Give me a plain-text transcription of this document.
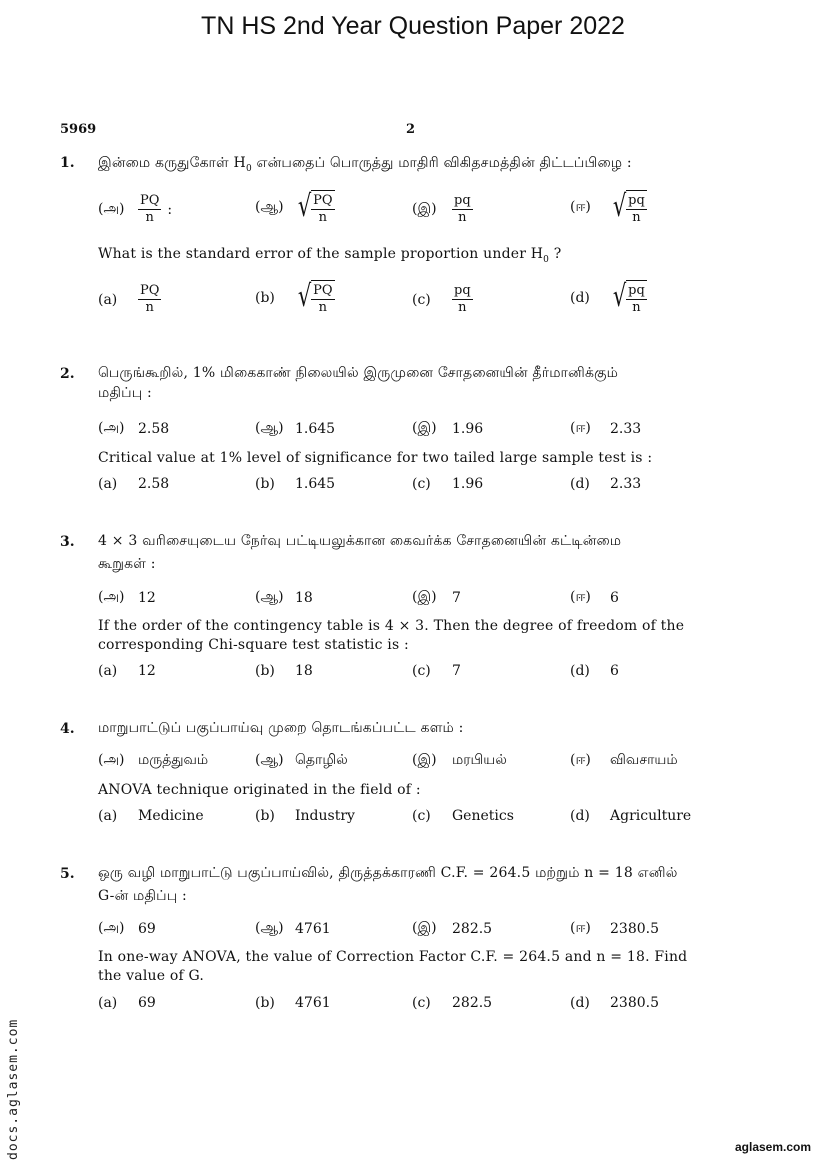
TN HS 2nd Year Question Paper 2022
5969	2
1. இன்மை கருதுகோள் $H_0$ என்பதைப் பொருத்து மாதிரி விகிதசமத்தின் திட்டப்பிழை :
(அ)	$\frac{PQ}{n}$ :	(ஆ) √ $\frac{PQ}{n}$	(இ)	$\frac{pq}{n}$	(ஈ) √ $\frac{pq}{n}$
What is the standard error of the sample proportion under $H_0$ ?
(a)	$\frac{PQ}{n}$	(b) √ $\frac{PQ}{n}$	(c)	$\frac{pq}{n}$	(d) √ $\frac{pq}{n}$
2. பெருங்கூறில், 1% மிகைகாண் நிலையில் இருமுனை சோதனையின் தீர்மானிக்கும்
மதிப்பு :
(அ) 2.58	(ஆ) 1.645	(இ)	1.96	(ஈ)	2.33
Critical value at 1% level of significance for two tailed large sample test is :
(a)	2.58	(b)	1.645	(c)	1.96	(d)	2.33
3. 4 × 3 வரிசையுடைய நேர்வு பட்டியலுக்கான கைவர்க்க சோதனையின் கட்டின்மை
கூறுகள் :
(அ) 12	(ஆ) 18	(இ)	7	(ஈ)	6
If the order of the contingency table is 4 × 3. Then the degree of freedom of the
corresponding Chi-square test statistic is :
(a)	12	(b)	18	(c)	7	(d)	6
4. மாறுபாட்டுப் பகுப்பாய்வு முறை தொடங்கப்பட்ட களம் :
(அ) மருத்துவம்	(ஆ) தொழில்	(இ)	மரபியல்	(ஈ)	விவசாயம்
ANOVA technique originated in the field of :
(a)	Medicine	(b)	Industry	(c)	Genetics	(d)	Agriculture
5. ஒரு வழி மாறுபாட்டு பகுப்பாய்வில், திருத்தக்காரணி C.F. = 264.5 மற்றும் n = 18 எனில்
G-ன் மதிப்பு :
(அ) 69	(ஆ) 4761	(இ)	282.5	(ஈ)	2380.5
In one-way ANOVA, the value of Correction Factor C.F. = 264.5 and n = 18. Find
the value of G.
(a)	69	(b)	4761	(c)	282.5	(d)	2380.5
docs.aglasem.com	aglasem.com
